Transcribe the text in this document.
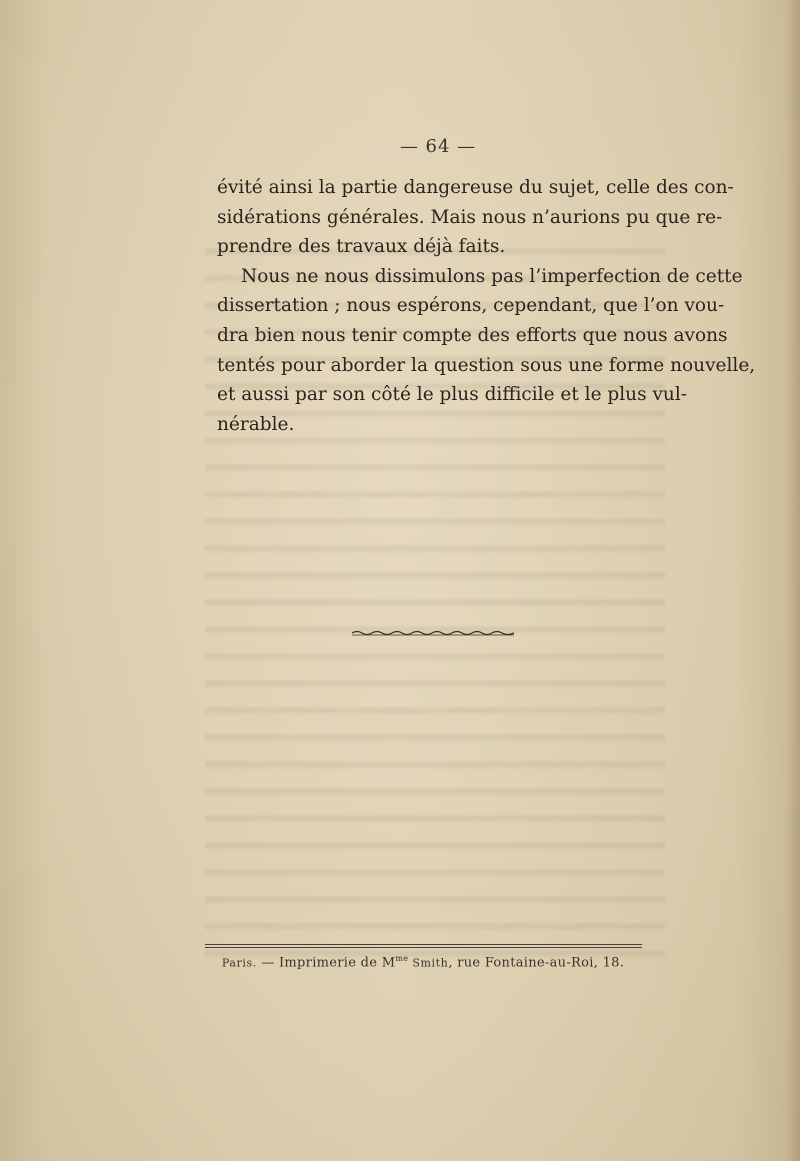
— 64 —
évité ainsi la partie dangereuse du sujet, celle des con-
sidérations générales. Mais nous n’aurions pu que re-
prendre des travaux déjà faits.
Nous ne nous dissimulons pas l’imperfection de cette
dissertation ; nous espérons, cependant, que l’on vou-
dra bien nous tenir compte des efforts que nous avons
tentés pour aborder la question sous une forme nouvelle,
et aussi par son côté le plus difficile et le plus vul-
nérable.
Paris. — Imprimerie de $M^{me}$ Smith, rue Fontaine-au-Roi, 18.
